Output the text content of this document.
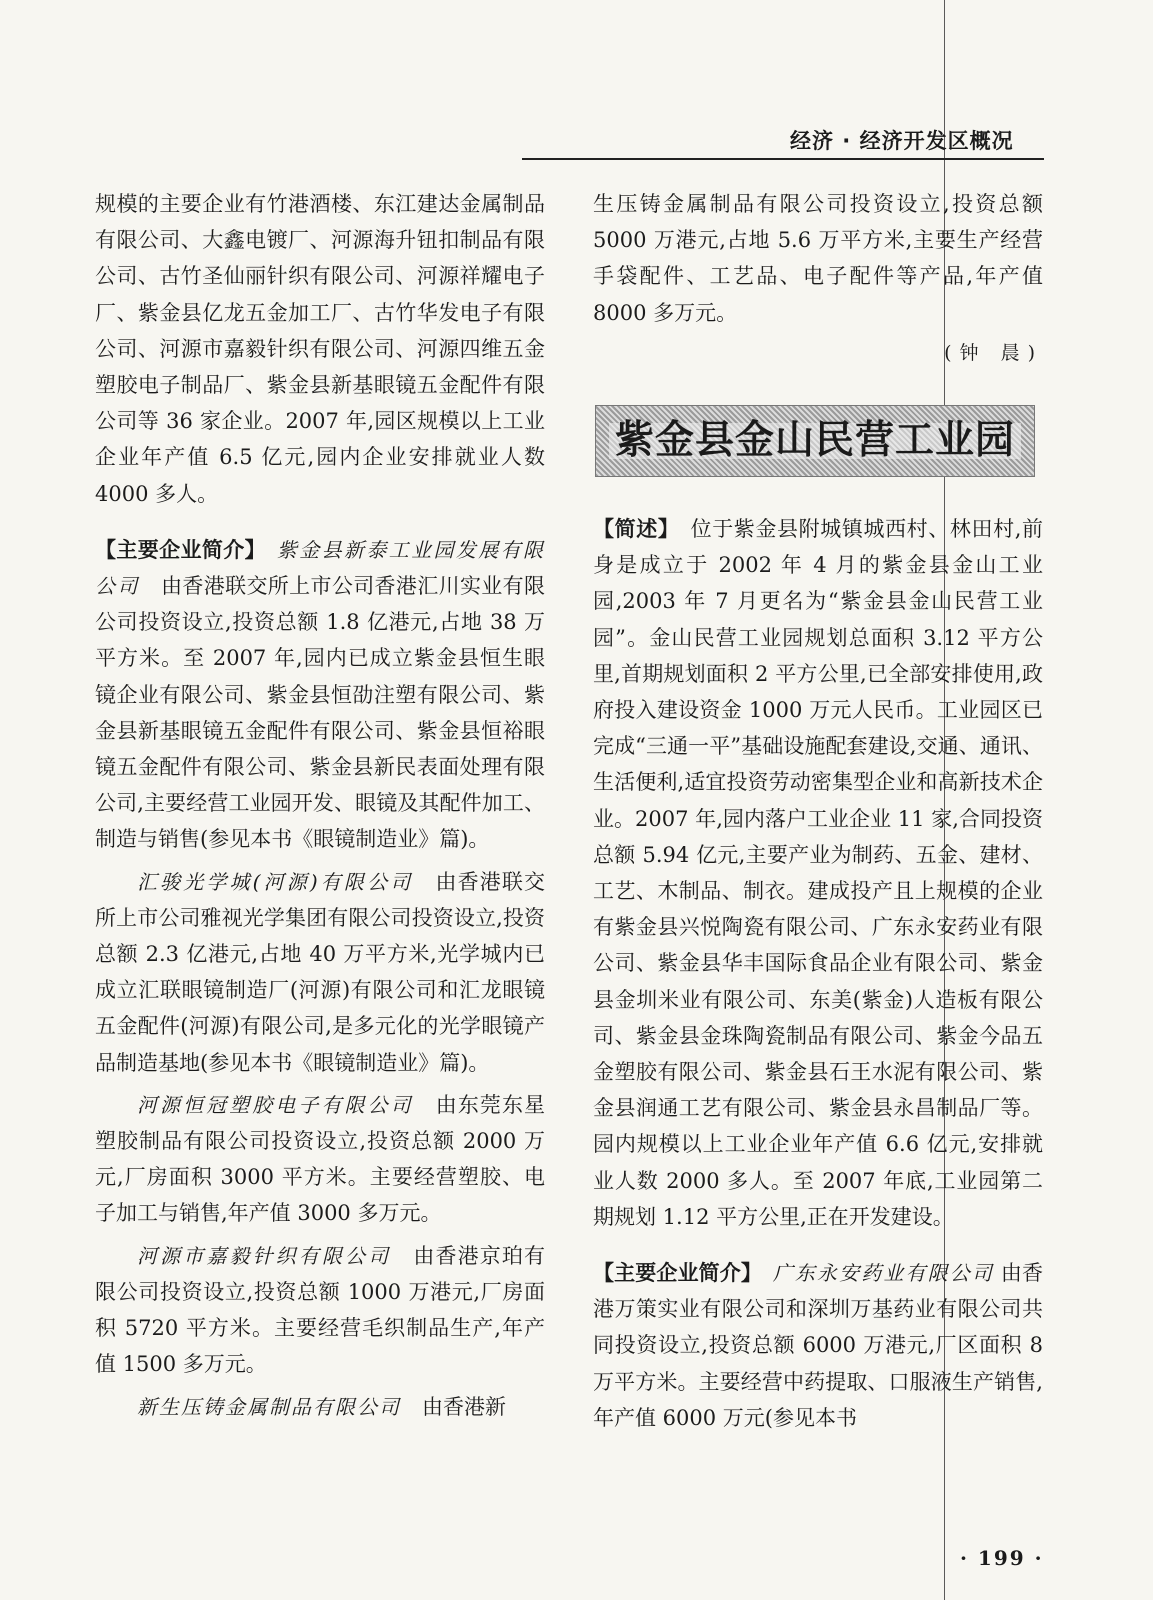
经济 · 经济开发区概况

规模的主要企业有竹港酒楼、东江建达金属制品有限公司、大鑫电镀厂、河源海升钮扣制品有限公司、古竹圣仙丽针织有限公司、河源祥耀电子厂、紫金县亿龙五金加工厂、古竹华发电子有限公司、河源市嘉毅针织有限公司、河源四维五金塑胶电子制品厂、紫金县新基眼镜五金配件有限公司等 36 家企业。2007 年,园区规模以上工业企业年产值 6.5 亿元,园内企业安排就业人数 4000 多人。

【主要企业简介】　 紫金县新泰工业园发展有限公司　 由香港联交所上市公司香港汇川实业有限公司投资设立,投资总额 1.8 亿港元,占地 38 万平方米。至 2007 年,园内已成立紫金县恒生眼镜企业有限公司、紫金县恒劭注塑有限公司、紫金县新基眼镜五金配件有限公司、紫金县恒裕眼镜五金配件有限公司、紫金县新民表面处理有限公司,主要经营工业园开发、眼镜及其配件加工、制造与销售(参见本书《眼镜制造业》篇)。

汇骏光学城(河源)有限公司　 由香港联交所上市公司雅视光学集团有限公司投资设立,投资总额 2.3 亿港元,占地 40 万平方米,光学城内已成立汇联眼镜制造厂(河源)有限公司和汇龙眼镜五金配件(河源)有限公司,是多元化的光学眼镜产品制造基地(参见本书《眼镜制造业》篇)。

河源恒冠塑胶电子有限公司　 由东莞东星塑胶制品有限公司投资设立,投资总额 2000 万元,厂房面积 3000 平方米。主要经营塑胶、电子加工与销售,年产值 3000 多万元。

河源市嘉毅针织有限公司　 由香港京珀有限公司投资设立,投资总额 1000 万港元,厂房面积 5720 平方米。主要经营毛织制品生产,年产值 1500 多万元。

新生压铸金属制品有限公司　 由香港新

生压铸金属制品有限公司投资设立,投资总额 5000 万港元,占地 5.6 万平方米,主要生产经营手袋配件、工艺品、电子配件等产品,年产值 8000 多万元。

(钟 晨)

紫金县金山民营工业园

【简述】　 位于紫金县附城镇城西村、林田村,前身是成立于 2002 年 4 月的紫金县金山工业园,2003 年 7 月更名为“紫金县金山民营工业园”。金山民营工业园规划总面积 3.12 平方公里,首期规划面积 2 平方公里,已全部安排使用,政府投入建设资金 1000 万元人民币。工业园区已完成“三通一平”基础设施配套建设,交通、通讯、生活便利,适宜投资劳动密集型企业和高新技术企业。2007 年,园内落户工业企业 11 家,合同投资总额 5.94 亿元,主要产业为制药、五金、建材、工艺、木制品、制衣。建成投产且上规模的企业有紫金县兴悦陶瓷有限公司、广东永安药业有限公司、紫金县华丰国际食品企业有限公司、紫金县金圳米业有限公司、东美(紫金)人造板有限公司、紫金县金珠陶瓷制品有限公司、紫金今品五金塑胶有限公司、紫金县石王水泥有限公司、紫金县润通工艺有限公司、紫金县永昌制品厂等。园内规模以上工业企业年产值 6.6 亿元,安排就业人数 2000 多人。至 2007 年底,工业园第二期规划 1.12 平方公里,正在开发建设。

【主要企业简介】　 广东永安药业有限公司 由香港万策实业有限公司和深圳万基药业有限公司共同投资设立,投资总额 6000 万港元,厂区面积 8 万平方米。主要经营中药提取、口服液生产销售,年产值 6000 万元(参见本书

· 199 ·
